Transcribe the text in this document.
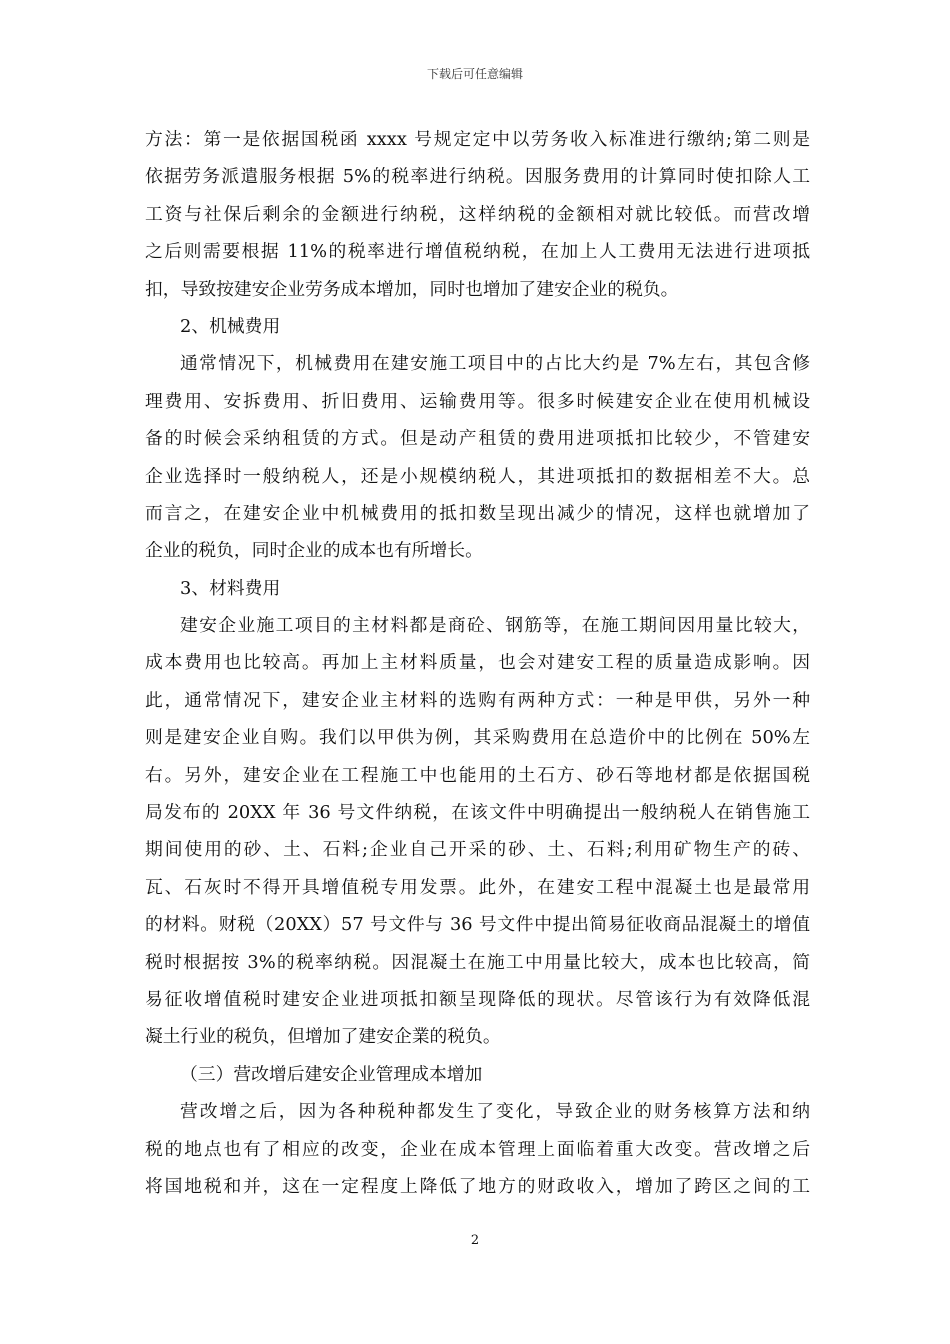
下载后可任意编辑
方法：第一是依据国税函 xxxx 号规定定中以劳务收入标准进行缴纳;第二则是
依据劳务派遣服务根据 5%的税率进行纳税。因服务费用的计算同时使扣除人工
工资与社保后剩余的金额进行纳税，这样纳税的金额相对就比较低。而营改增
之后则需要根据 11%的税率进行增值税纳税，在加上人工费用无法进行进项抵
扣，导致按建安企业劳务成本增加，同时也增加了建安企业的税负。
2、机械费用
通常情况下，机械费用在建安施工项目中的占比大约是 7%左右，其包含修
理费用、安拆费用、折旧费用、运输费用等。很多时候建安企业在使用机械设
备的时候会采纳租赁的方式。但是动产租赁的费用进项抵扣比较少，不管建安
企业选择时一般纳税人，还是小规模纳税人，其进项抵扣的数据相差不大。总
而言之，在建安企业中机械费用的抵扣数呈现出减少的情况，这样也就增加了
企业的税负，同时企业的成本也有所增长。
3、材料费用
建安企业施工项目的主材料都是商砼、钢筋等，在施工期间因用量比较大，
成本费用也比较高。再加上主材料质量，也会对建安工程的质量造成影响。因
此，通常情况下，建安企业主材料的选购有两种方式：一种是甲供，另外一种
则是建安企业自购。我们以甲供为例，其采购费用在总造价中的比例在 50%左
右。另外，建安企业在工程施工中也能用的土石方、砂石等地材都是依据国税
局发布的 20XX 年 36 号文件纳税，在该文件中明确提出一般纳税人在销售施工
期间使用的砂、土、石料;企业自己开采的砂、土、石料;利用矿物生产的砖、
瓦、石灰时不得开具增值税专用发票。此外，在建安工程中混凝土也是最常用
的材料。财税（20XX）57 号文件与 36 号文件中提出简易征收商品混凝土的增值
税时根据按 3%的税率纳税。因混凝土在施工中用量比较大，成本也比较高，简
易征收增值税时建安企业进项抵扣额呈现降低的现状。尽管该行为有效降低混
凝土行业的税负，但增加了建安企業的税负。
（三）营改增后建安企业管理成本增加
营改增之后，因为各种税种都发生了变化，导致企业的财务核算方法和纳
税的地点也有了相应的改变，企业在成本管理上面临着重大改变。营改增之后
将国地税和并，这在一定程度上降低了地方的财政收入，增加了跨区之间的工
2
